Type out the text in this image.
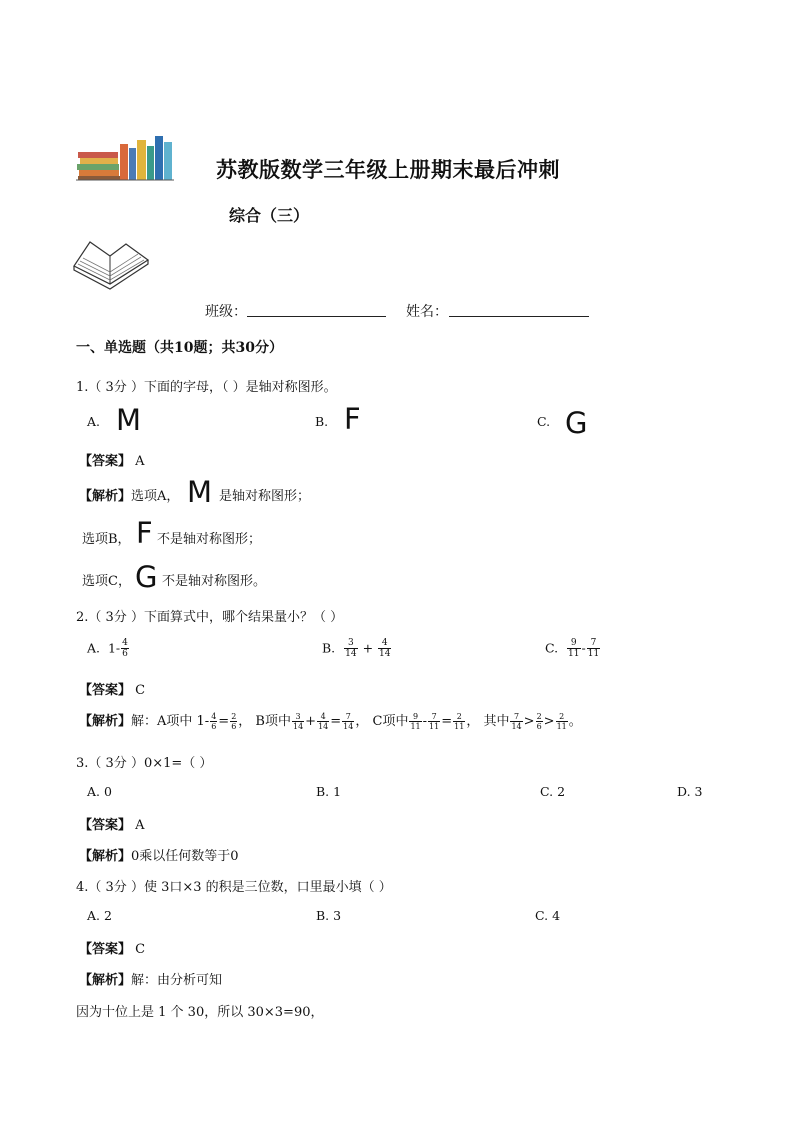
苏教版数学三年级上册期末最后冲刺
综合（三）
班级：	姓名：
一、单选题（共10题；共30分）
1.（ 3分 ）下面的字母，（ ）是轴对称图形。
A. M	B. F	C. G
【答案】 A
【解析】选项A， M 是轴对称图形；
选项B， F 不是轴对称图形；
选项C， G 不是轴对称图形。
2.（ 3分 ）下面算式中，哪个结果量小？（ ）
A. $1- \frac{4}{6}$	B. $\frac{3}{14} + \frac{4}{14}$	C. $\frac{9}{11} - \frac{7}{11}$
【答案】 C
【解析】解：A项中 $1- \frac{4}{6} = \frac{2}{6}$ ， B项中 $\frac{3}{14} + \frac{4}{14} = \frac{7}{14}$ ， C项中 $\frac{9}{11} - \frac{7}{11} = \frac{2}{11}$ ， 其中 $\frac{7}{14} > \frac{2}{6} > \frac{2}{11}$ 。
3.（ 3分 ）0×1=（ ）
A. 0	B. 1	C. 2	D. 3
【答案】 A
【解析】0乘以任何数等于0
4.（ 3分 ）使 3口×3 的积是三位数，口里最小填（ ）
A. 2	B. 3	C. 4
【答案】 C
【解析】解：由分析可知
因为十位上是 1 个 30，所以 30×3=90，
